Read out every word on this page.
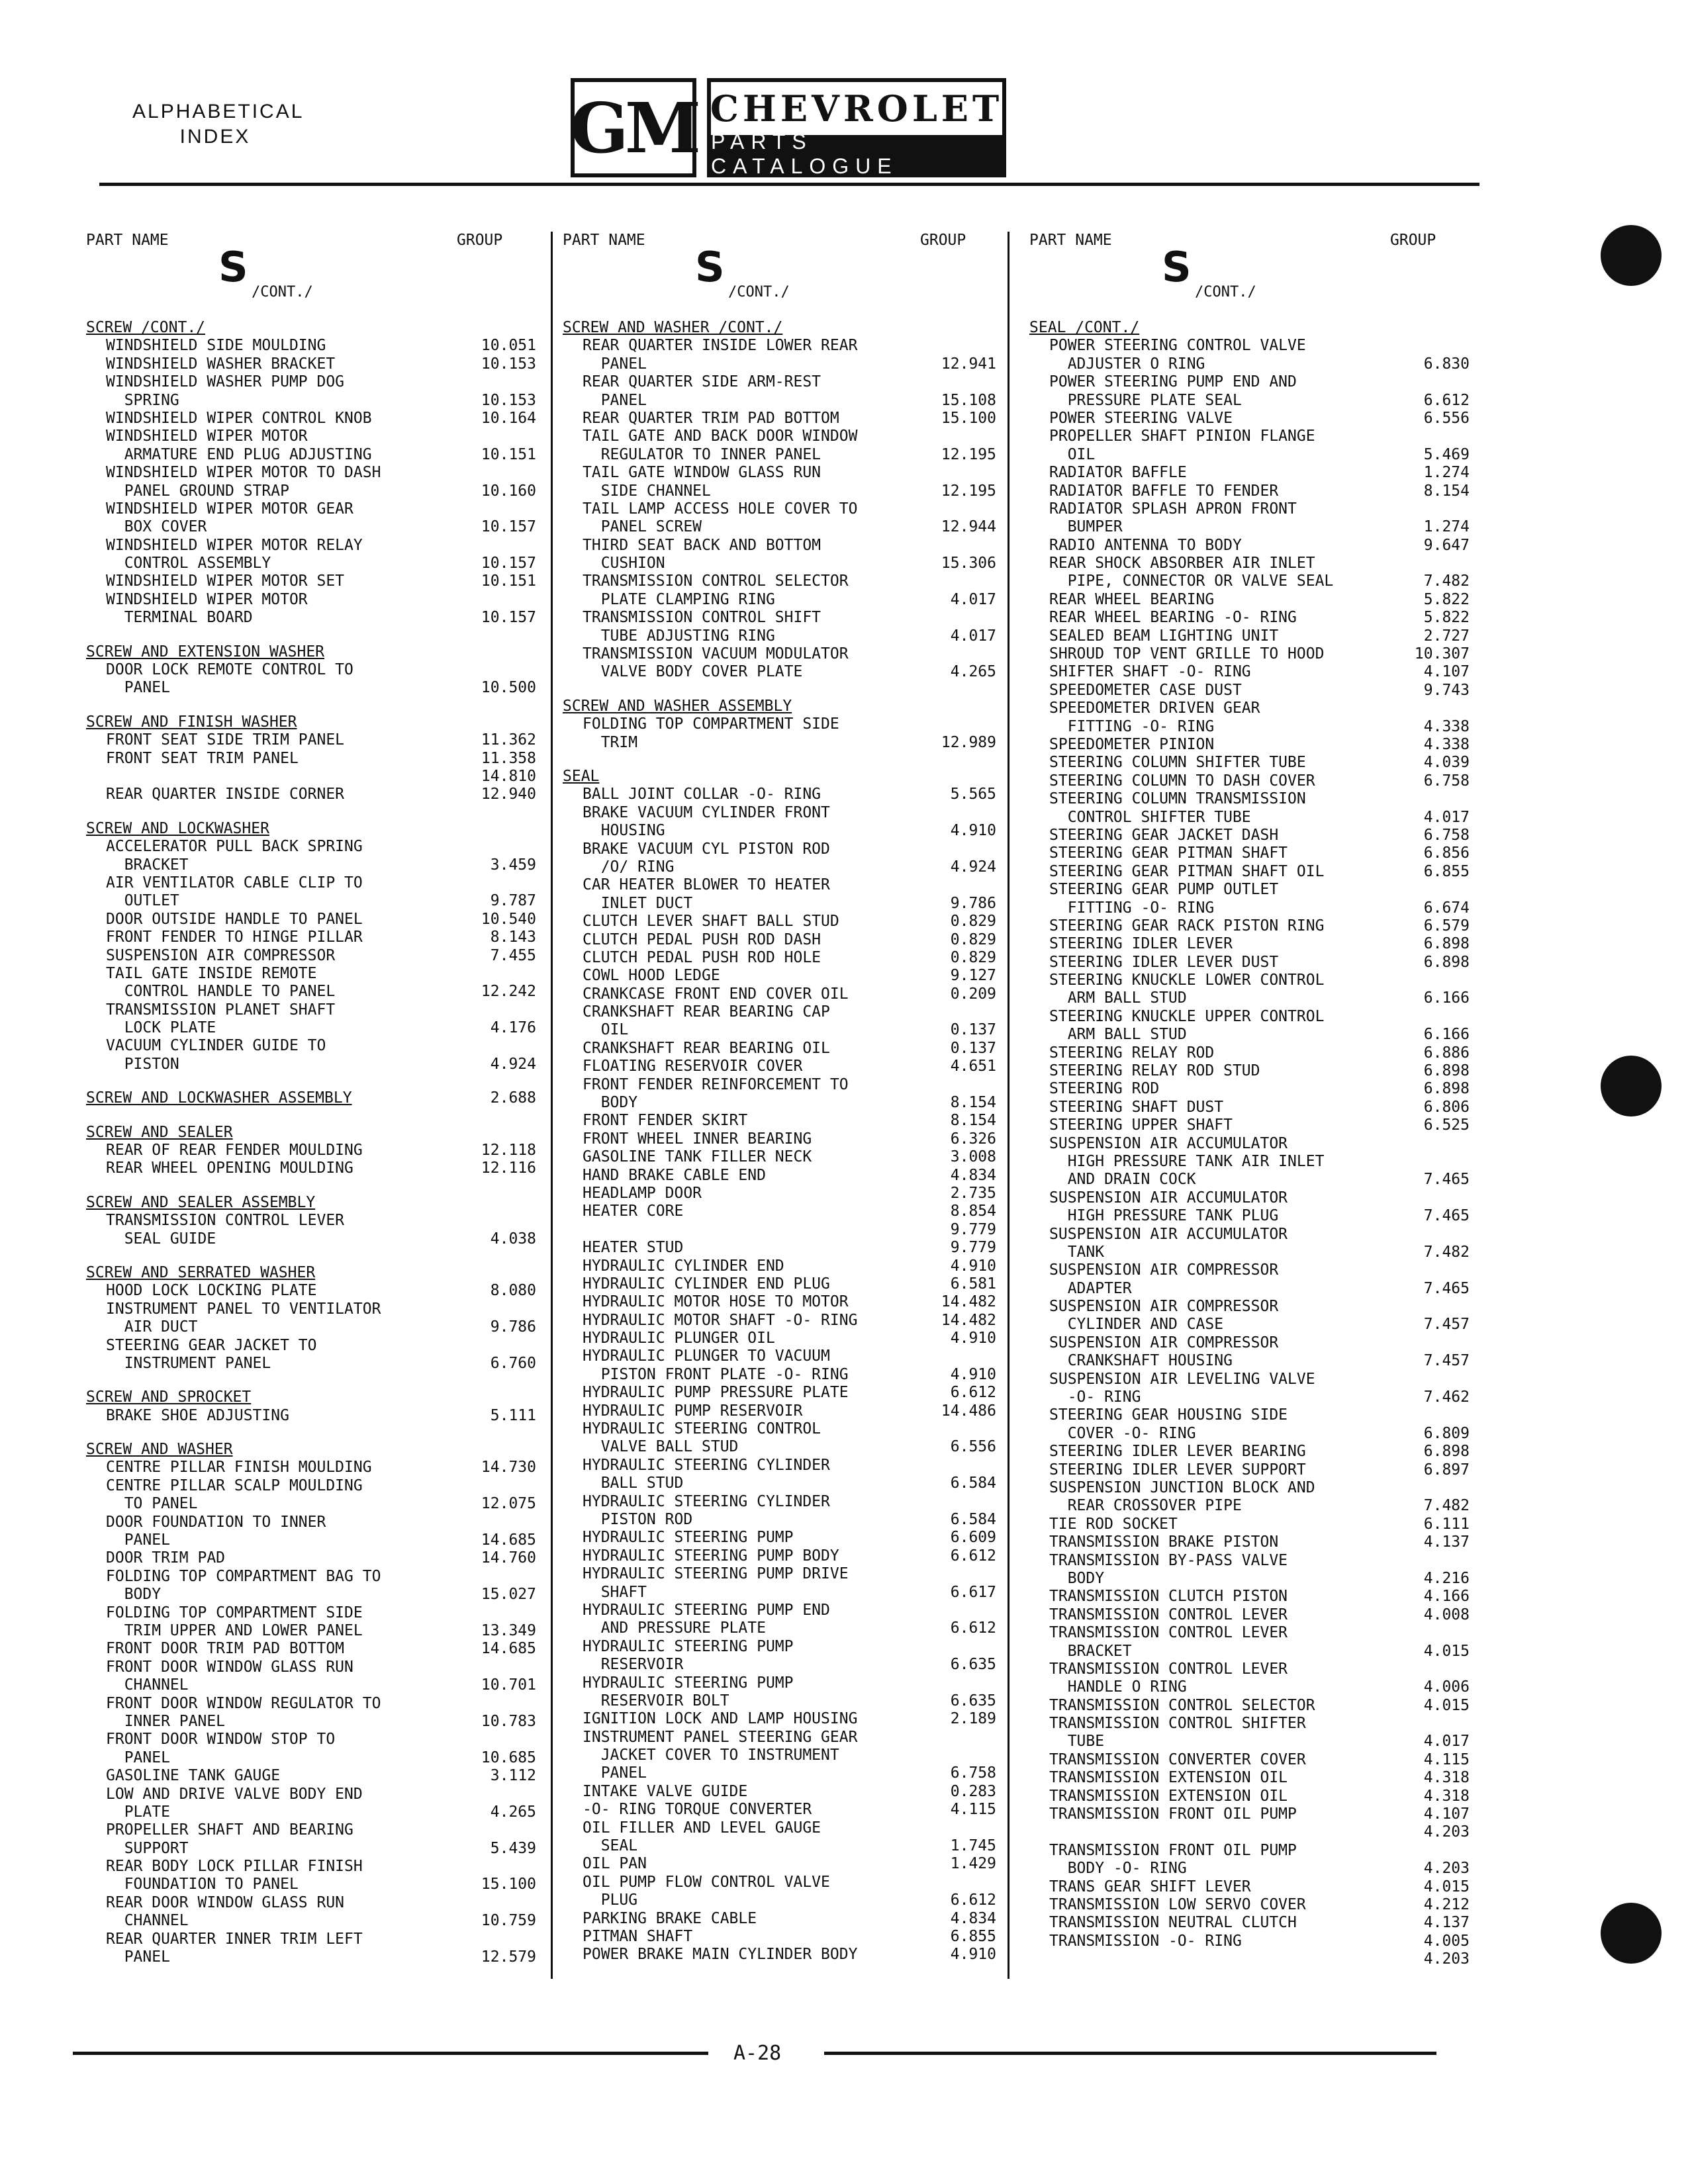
ALPHABETICAL
INDEX	GM CHEVROLET
PARTS CATALOGUE
PART NAME	GROUP
S
/CONT./
SCREW /CONT./
WINDSHIELD SIDE MOULDING	10.051
WINDSHIELD WASHER BRACKET	10.153
WINDSHIELD WASHER PUMP DOG
SPRING	10.153
WINDSHIELD WIPER CONTROL KNOB	10.164
WINDSHIELD WIPER MOTOR
ARMATURE END PLUG ADJUSTING	10.151
WINDSHIELD WIPER MOTOR TO DASH
PANEL GROUND STRAP	10.160
WINDSHIELD WIPER MOTOR GEAR
BOX COVER	10.157
WINDSHIELD WIPER MOTOR RELAY
CONTROL ASSEMBLY	10.157
WINDSHIELD WIPER MOTOR SET	10.151
WINDSHIELD WIPER MOTOR
TERMINAL BOARD	10.157
SCREW AND EXTENSION WASHER
DOOR LOCK REMOTE CONTROL TO
PANEL	10.500
SCREW AND FINISH WASHER
FRONT SEAT SIDE TRIM PANEL	11.362
FRONT SEAT TRIM PANEL	11.358
14.810
REAR QUARTER INSIDE CORNER	12.940
SCREW AND LOCKWASHER
ACCELERATOR PULL BACK SPRING
BRACKET	3.459
AIR VENTILATOR CABLE CLIP TO
OUTLET	9.787
DOOR OUTSIDE HANDLE TO PANEL	10.540
FRONT FENDER TO HINGE PILLAR	8.143
SUSPENSION AIR COMPRESSOR	7.455
TAIL GATE INSIDE REMOTE
CONTROL HANDLE TO PANEL	12.242
TRANSMISSION PLANET SHAFT
LOCK PLATE	4.176
VACUUM CYLINDER GUIDE TO
PISTON	4.924
SCREW AND LOCKWASHER ASSEMBLY	2.688
SCREW AND SEALER
REAR OF REAR FENDER MOULDING	12.118
REAR WHEEL OPENING MOULDING	12.116
SCREW AND SEALER ASSEMBLY
TRANSMISSION CONTROL LEVER
SEAL GUIDE	4.038
SCREW AND SERRATED WASHER
HOOD LOCK LOCKING PLATE	8.080
INSTRUMENT PANEL TO VENTILATOR
AIR DUCT	9.786
STEERING GEAR JACKET TO
INSTRUMENT PANEL	6.760
SCREW AND SPROCKET
BRAKE SHOE ADJUSTING	5.111
SCREW AND WASHER
CENTRE PILLAR FINISH MOULDING	14.730
CENTRE PILLAR SCALP MOULDING
TO PANEL	12.075
DOOR FOUNDATION TO INNER
PANEL	14.685
DOOR TRIM PAD	14.760
FOLDING TOP COMPARTMENT BAG TO
BODY	15.027
FOLDING TOP COMPARTMENT SIDE
TRIM UPPER AND LOWER PANEL	13.349
FRONT DOOR TRIM PAD BOTTOM	14.685
FRONT DOOR WINDOW GLASS RUN
CHANNEL	10.701
FRONT DOOR WINDOW REGULATOR TO
INNER PANEL	10.783
FRONT DOOR WINDOW STOP TO
PANEL	10.685
GASOLINE TANK GAUGE	3.112
LOW AND DRIVE VALVE BODY END
PLATE	4.265
PROPELLER SHAFT AND BEARING
SUPPORT	5.439
REAR BODY LOCK PILLAR FINISH
FOUNDATION TO PANEL	15.100
REAR DOOR WINDOW GLASS RUN
CHANNEL	10.759
REAR QUARTER INNER TRIM LEFT
PANEL	12.579
PART NAME	GROUP
S
/CONT./
SCREW AND WASHER /CONT./
REAR QUARTER INSIDE LOWER REAR
PANEL	12.941
REAR QUARTER SIDE ARM-REST
PANEL	15.108
REAR QUARTER TRIM PAD BOTTOM	15.100
TAIL GATE AND BACK DOOR WINDOW
REGULATOR TO INNER PANEL	12.195
TAIL GATE WINDOW GLASS RUN
SIDE CHANNEL	12.195
TAIL LAMP ACCESS HOLE COVER TO
PANEL SCREW	12.944
THIRD SEAT BACK AND BOTTOM
CUSHION	15.306
TRANSMISSION CONTROL SELECTOR
PLATE CLAMPING RING	4.017
TRANSMISSION CONTROL SHIFT
TUBE ADJUSTING RING	4.017
TRANSMISSION VACUUM MODULATOR
VALVE BODY COVER PLATE	4.265
SCREW AND WASHER ASSEMBLY
FOLDING TOP COMPARTMENT SIDE
TRIM	12.989
SEAL
BALL JOINT COLLAR -O- RING	5.565
BRAKE VACUUM CYLINDER FRONT
HOUSING	4.910
BRAKE VACUUM CYL PISTON ROD
/O/ RING	4.924
CAR HEATER BLOWER TO HEATER
INLET DUCT	9.786
CLUTCH LEVER SHAFT BALL STUD	0.829
CLUTCH PEDAL PUSH ROD DASH	0.829
CLUTCH PEDAL PUSH ROD HOLE	0.829
COWL HOOD LEDGE	9.127
CRANKCASE FRONT END COVER OIL	0.209
CRANKSHAFT REAR BEARING CAP
OIL	0.137
CRANKSHAFT REAR BEARING OIL	0.137
FLOATING RESERVOIR COVER	4.651
FRONT FENDER REINFORCEMENT TO
BODY	8.154
FRONT FENDER SKIRT	8.154
FRONT WHEEL INNER BEARING	6.326
GASOLINE TANK FILLER NECK	3.008
HAND BRAKE CABLE END	4.834
HEADLAMP DOOR	2.735
HEATER CORE	8.854
9.779
HEATER STUD	9.779
HYDRAULIC CYLINDER END	4.910
HYDRAULIC CYLINDER END PLUG	6.581
HYDRAULIC MOTOR HOSE TO MOTOR	14.482
HYDRAULIC MOTOR SHAFT -O- RING	14.482
HYDRAULIC PLUNGER OIL	4.910
HYDRAULIC PLUNGER TO VACUUM
PISTON FRONT PLATE -O- RING	4.910
HYDRAULIC PUMP PRESSURE PLATE	6.612
HYDRAULIC PUMP RESERVOIR	14.486
HYDRAULIC STEERING CONTROL
VALVE BALL STUD	6.556
HYDRAULIC STEERING CYLINDER
BALL STUD	6.584
HYDRAULIC STEERING CYLINDER
PISTON ROD	6.584
HYDRAULIC STEERING PUMP	6.609
HYDRAULIC STEERING PUMP BODY	6.612
HYDRAULIC STEERING PUMP DRIVE
SHAFT	6.617
HYDRAULIC STEERING PUMP END
AND PRESSURE PLATE	6.612
HYDRAULIC STEERING PUMP
RESERVOIR	6.635
HYDRAULIC STEERING PUMP
RESERVOIR BOLT	6.635
IGNITION LOCK AND LAMP HOUSING	2.189
INSTRUMENT PANEL STEERING GEAR
JACKET COVER TO INSTRUMENT
PANEL	6.758
INTAKE VALVE GUIDE	0.283
-O- RING TORQUE CONVERTER	4.115
OIL FILLER AND LEVEL GAUGE
SEAL	1.745
OIL PAN	1.429
OIL PUMP FLOW CONTROL VALVE
PLUG	6.612
PARKING BRAKE CABLE	4.834
PITMAN SHAFT	6.855
POWER BRAKE MAIN CYLINDER BODY	4.910
PART NAME	GROUP
S
/CONT./
SEAL /CONT./
POWER STEERING CONTROL VALVE
ADJUSTER O RING	6.830
POWER STEERING PUMP END AND
PRESSURE PLATE SEAL	6.612
POWER STEERING VALVE	6.556
PROPELLER SHAFT PINION FLANGE
OIL	5.469
RADIATOR BAFFLE	1.274
RADIATOR BAFFLE TO FENDER	8.154
RADIATOR SPLASH APRON FRONT
BUMPER	1.274
RADIO ANTENNA TO BODY	9.647
REAR SHOCK ABSORBER AIR INLET
PIPE, CONNECTOR OR VALVE SEAL	7.482
REAR WHEEL BEARING	5.822
REAR WHEEL BEARING -O- RING	5.822
SEALED BEAM LIGHTING UNIT	2.727
SHROUD TOP VENT GRILLE TO HOOD	10.307
SHIFTER SHAFT -O- RING	4.107
SPEEDOMETER CASE DUST	9.743
SPEEDOMETER DRIVEN GEAR
FITTING -O- RING	4.338
SPEEDOMETER PINION	4.338
STEERING COLUMN SHIFTER TUBE	4.039
STEERING COLUMN TO DASH COVER	6.758
STEERING COLUMN TRANSMISSION
CONTROL SHIFTER TUBE	4.017
STEERING GEAR JACKET DASH	6.758
STEERING GEAR PITMAN SHAFT	6.856
STEERING GEAR PITMAN SHAFT OIL	6.855
STEERING GEAR PUMP OUTLET
FITTING -O- RING	6.674
STEERING GEAR RACK PISTON RING	6.579
STEERING IDLER LEVER	6.898
STEERING IDLER LEVER DUST	6.898
STEERING KNUCKLE LOWER CONTROL
ARM BALL STUD	6.166
STEERING KNUCKLE UPPER CONTROL
ARM BALL STUD	6.166
STEERING RELAY ROD	6.886
STEERING RELAY ROD STUD	6.898
STEERING ROD	6.898
STEERING SHAFT DUST	6.806
STEERING UPPER SHAFT	6.525
SUSPENSION AIR ACCUMULATOR
HIGH PRESSURE TANK AIR INLET
AND DRAIN COCK	7.465
SUSPENSION AIR ACCUMULATOR
HIGH PRESSURE TANK PLUG	7.465
SUSPENSION AIR ACCUMULATOR
TANK	7.482
SUSPENSION AIR COMPRESSOR
ADAPTER	7.465
SUSPENSION AIR COMPRESSOR
CYLINDER AND CASE	7.457
SUSPENSION AIR COMPRESSOR
CRANKSHAFT HOUSING	7.457
SUSPENSION AIR LEVELING VALVE
-O- RING	7.462
STEERING GEAR HOUSING SIDE
COVER -O- RING	6.809
STEERING IDLER LEVER BEARING	6.898
STEERING IDLER LEVER SUPPORT	6.897
SUSPENSION JUNCTION BLOCK AND
REAR CROSSOVER PIPE	7.482
TIE ROD SOCKET	6.111
TRANSMISSION BRAKE PISTON	4.137
TRANSMISSION BY-PASS VALVE
BODY	4.216
TRANSMISSION CLUTCH PISTON	4.166
TRANSMISSION CONTROL LEVER	4.008
TRANSMISSION CONTROL LEVER
BRACKET	4.015
TRANSMISSION CONTROL LEVER
HANDLE O RING	4.006
TRANSMISSION CONTROL SELECTOR	4.015
TRANSMISSION CONTROL SHIFTER
TUBE	4.017
TRANSMISSION CONVERTER COVER	4.115
TRANSMISSION EXTENSION OIL	4.318
TRANSMISSION EXTENSION OIL	4.318
TRANSMISSION FRONT OIL PUMP	4.107
4.203
TRANSMISSION FRONT OIL PUMP
BODY -O- RING	4.203
TRANS GEAR SHIFT LEVER	4.015
TRANSMISSION LOW SERVO COVER	4.212
TRANSMISSION NEUTRAL CLUTCH	4.137
TRANSMISSION -O- RING	4.005
4.203
A-28
